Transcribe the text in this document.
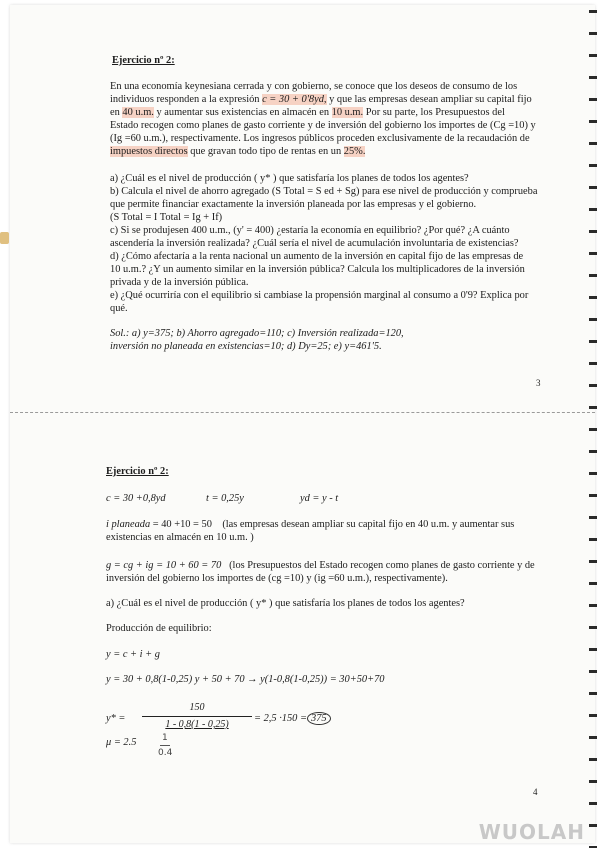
Ejercicio nº 2:
En una economía keynesiana cerrada y con gobierno, se conoce que los deseos de consumo de los
individuos responden a la expresión c = 30 + 0'8yd, y que las empresas desean ampliar su capital fijo
en 40 u.m. y aumentar sus existencias en almacén en 10 u.m. Por su parte, los Presupuestos del
Estado recogen como planes de gasto corriente y de inversión del gobierno los importes de (Cg =10) y
(Ig =60 u.m.), respectivamente. Los ingresos públicos proceden exclusivamente de la recaudación de
impuestos directos que gravan todo tipo de rentas en un 25%.
a) ¿Cuál es el nivel de producción ( y* ) que satisfaría los planes de todos los agentes?
b) Calcula el nivel de ahorro agregado (S Total = S ed + Sg) para ese nivel de producción y comprueba
que permite financiar exactamente la inversión planeada por las empresas y el gobierno.
(S Total = I Total = Ig + If)
c) Si se produjesen 400 u.m., (y' = 400) ¿estaría la economía en equilibrio? ¿Por qué? ¿A cuánto
ascendería la inversión realizada? ¿Cuál sería el nivel de acumulación involuntaria de existencias?
d) ¿Cómo afectaría a la renta nacional un aumento de la inversión en capital fijo de las empresas de
10 u.m.? ¿Y un aumento similar en la inversión pública? Calcula los multiplicadores de la inversión
privada y de la inversión pública.
e) ¿Qué ocurriría con el equilibrio si cambiase la propensión marginal al consumo a 0'9? Explica por
qué.
Sol.: a) y=375; b) Ahorro agregado=110; c) Inversión realizada=120,
inversión no planeada en existencias=10; d) Dy=25; e) y=461'5.
3
Ejercicio nº 2:
c = 30 +0,8yd	t = 0,25y	yd = y - t
i planeada = 40 +10 = 50 (las empresas desean ampliar su capital fijo en 40 u.m. y aumentar sus
existencias en almacén en 10 u.m. )
g = cg + ig = 10 + 60 = 70 (los Presupuestos del Estado recogen como planes de gasto corriente y de
inversión del gobierno los importes de (cg =10) y (ig =60 u.m.), respectivamente).
a) ¿Cuál es el nivel de producción ( y* ) que satisfaría los planes de todos los agentes?
Producción de equilibrio:
y = c + i + g
y = 30 + 0,8(1-0,25) y + 50 + 70 → y(1-0,8(1-0,25)) = 30+50+70
y* =
150
1 - 0,8(1 - 0,25)
= 2,5 ·150 = 375
μ = 2.5	1
0.4
4
WUOLAH
